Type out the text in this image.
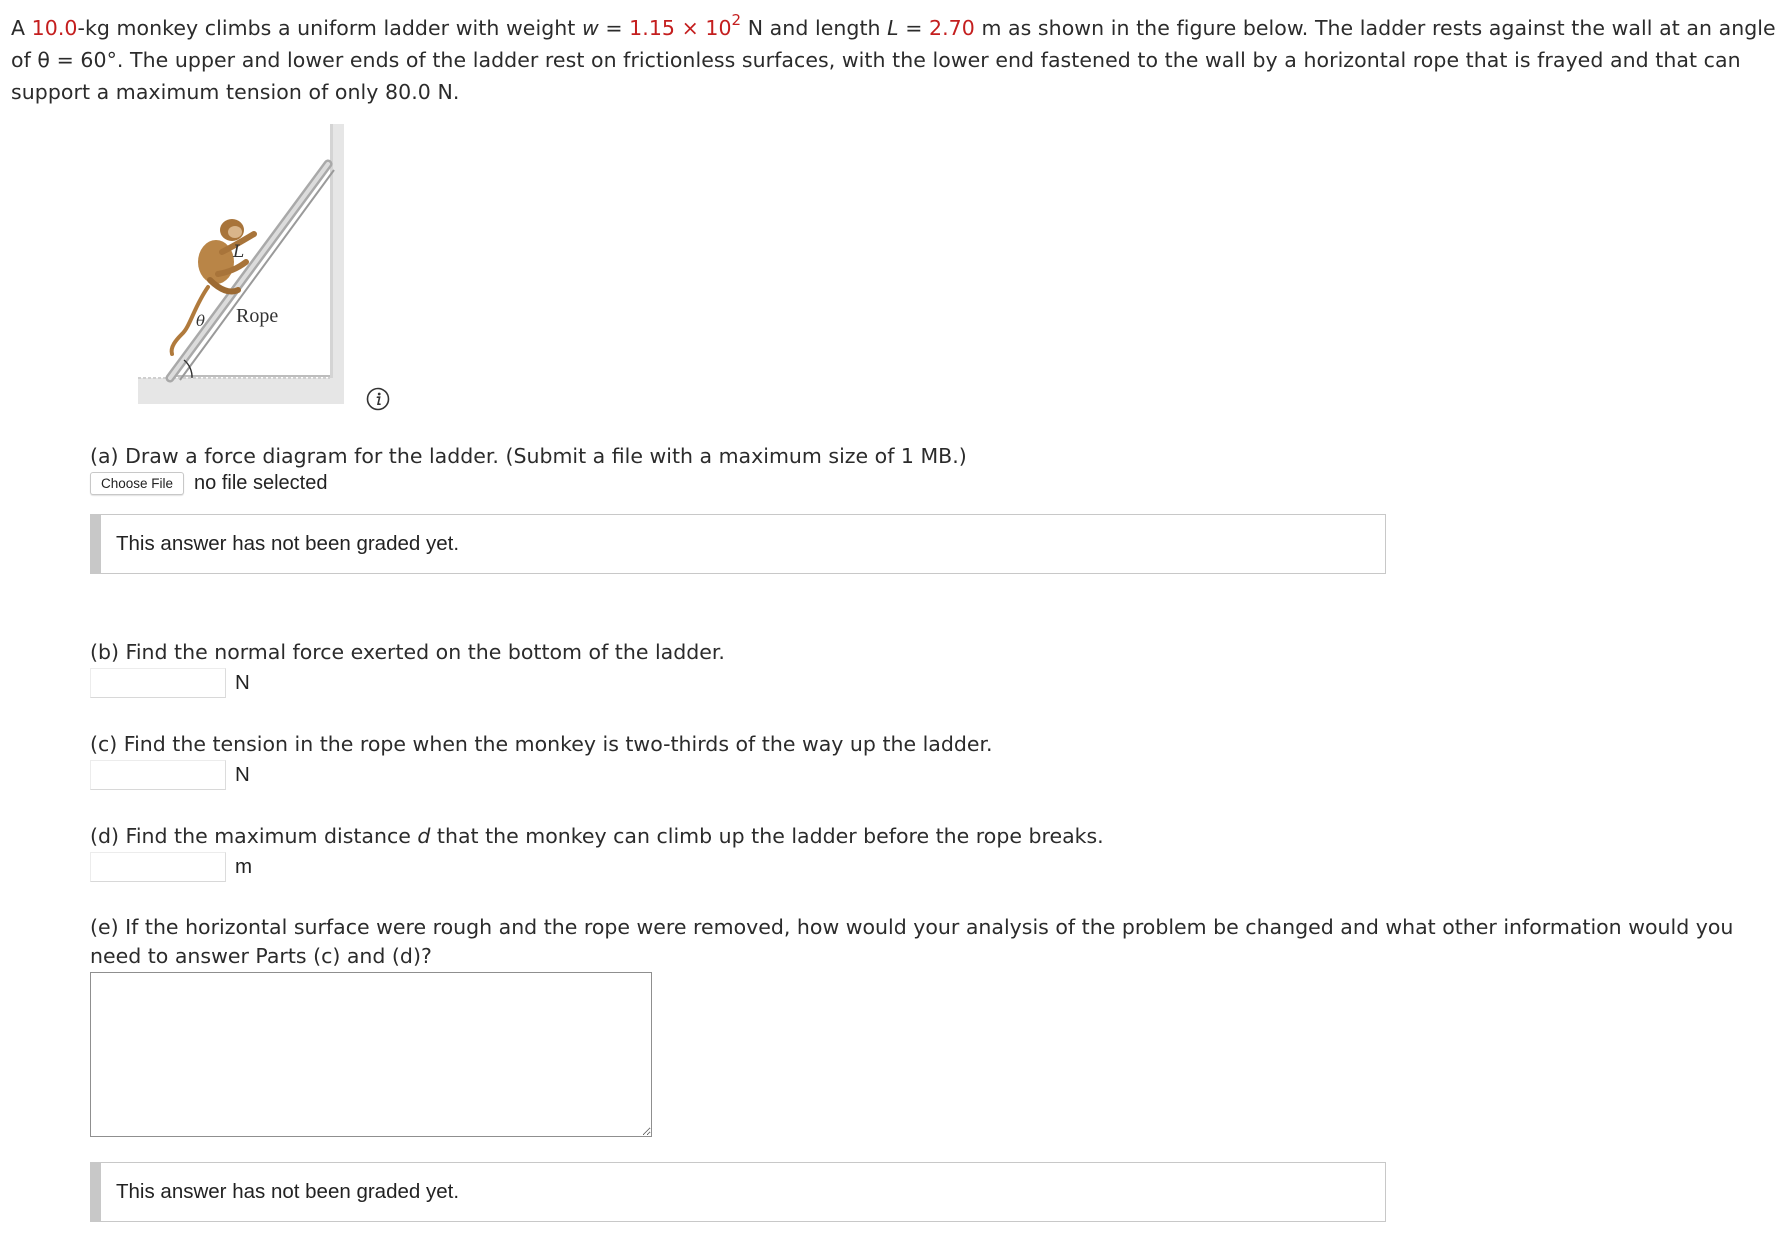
A 10.0-kg monkey climbs a uniform ladder with weight $w = 1.15 \times 10^2$ N and length L = 2.70 m as shown in the figure below. The ladder rests against the wall at an angle of θ = 60°. The upper and lower ends of the ladder rest on frictionless surfaces, with the lower end fastened to the wall by a horizontal rope that is frayed and that can support a maximum tension of only 80.0 N.
L
θ Rope
(a) Draw a force diagram for the ladder. (Submit a file with a maximum size of 1 MB.)
Choose File	no file selected
This answer has not been graded yet.
(b) Find the normal force exerted on the bottom of the ladder.
N
(c) Find the tension in the rope when the monkey is two-thirds of the way up the ladder.
N
(d) Find the maximum distance d that the monkey can climb up the ladder before the rope breaks.
m
(e) If the horizontal surface were rough and the rope were removed, how would your analysis of the problem be changed and what other information would you need to answer Parts (c) and (d)?
This answer has not been graded yet.
